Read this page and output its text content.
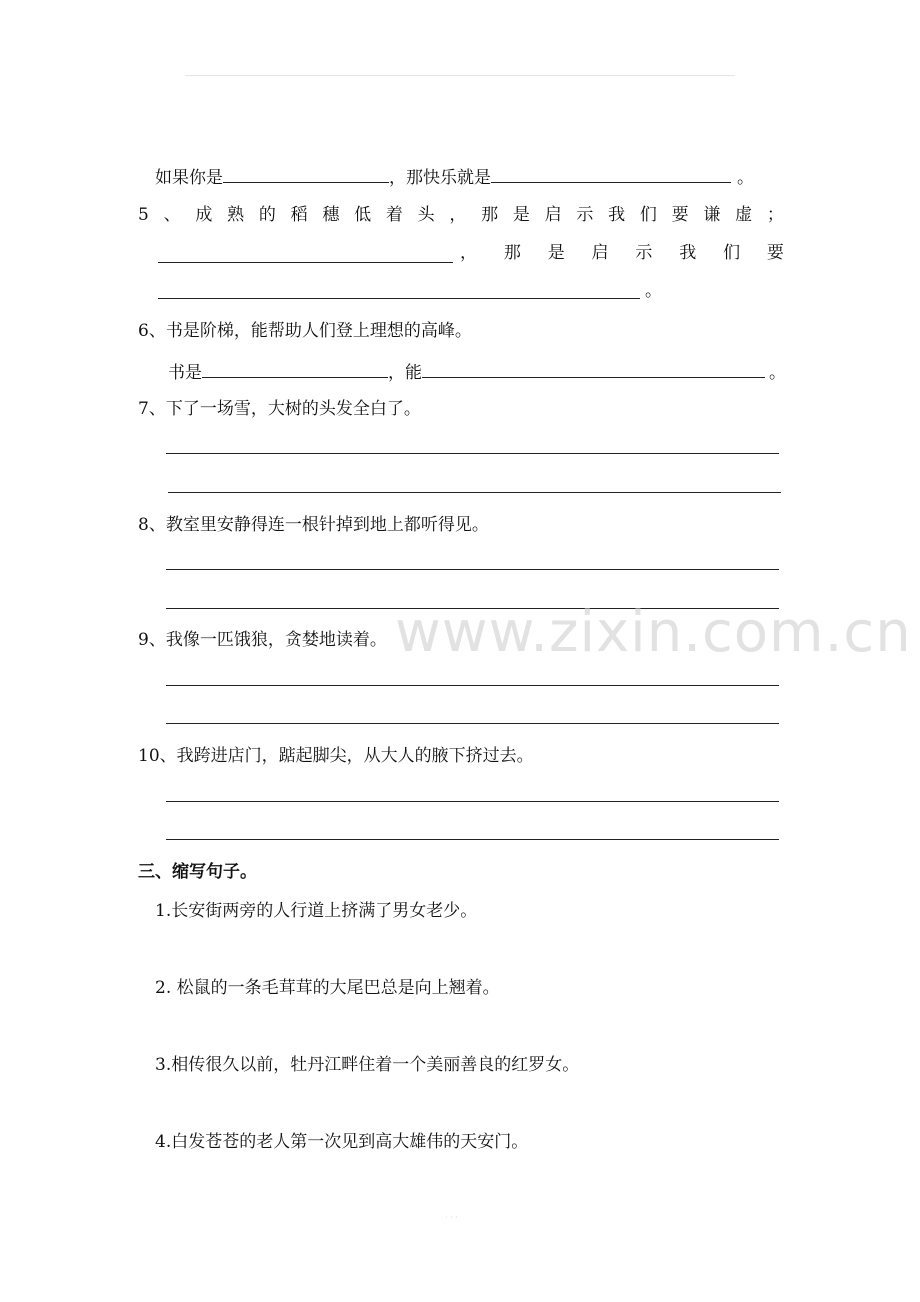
如果你是	，那快乐就是	。
5 、 成 熟 的 稻 穗 低 着 头 ， 那 是 启 示 我 们 要 谦 虚 ；
， 那 是 启 示 我 们 要
。
6、书是阶梯，能帮助人们登上理想的高峰。
书是	，能	。
7、下了一场雪，大树的头发全白了。
8、教室里安静得连一根针掉到地上都听得见。
www.zixin.com.cn
9、我像一匹饿狼，贪婪地读着。
10、我跨进店门，踮起脚尖，从大人的腋下挤过去。
三、缩写句子。
1.长安街两旁的人行道上挤满了男女老少。
2. 松鼠的一条毛茸茸的大尾巴总是向上翘着。
3.相传很久以前，牡丹江畔住着一个美丽善良的红罗女。
4.白发苍苍的老人第一次见到高大雄伟的天安门。
· · ·
